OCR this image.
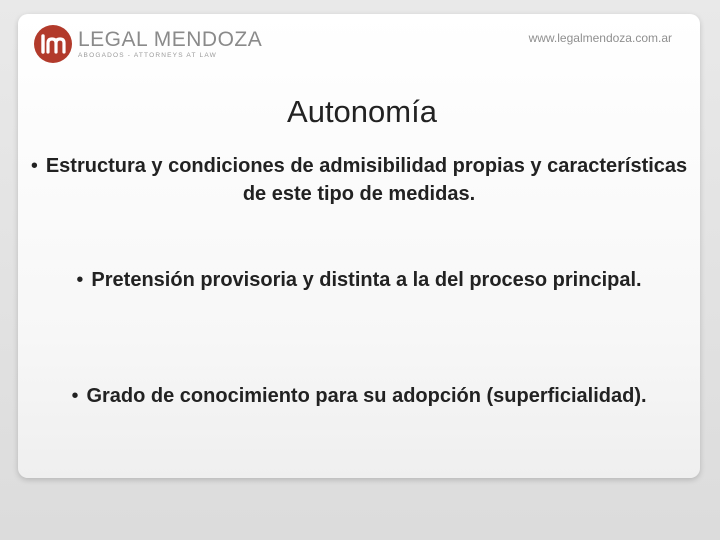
LEGAL MENDOZA
ABOGADOS - ATTORNEYS AT LAW
www.legalmendoza.com.ar
Autonomía

• Estructura y condiciones de admisibilidad propias y características de este tipo de medidas.

• Pretensión provisoria y distinta a la del proceso principal.

• Grado de conocimiento para su adopción (superficialidad).
